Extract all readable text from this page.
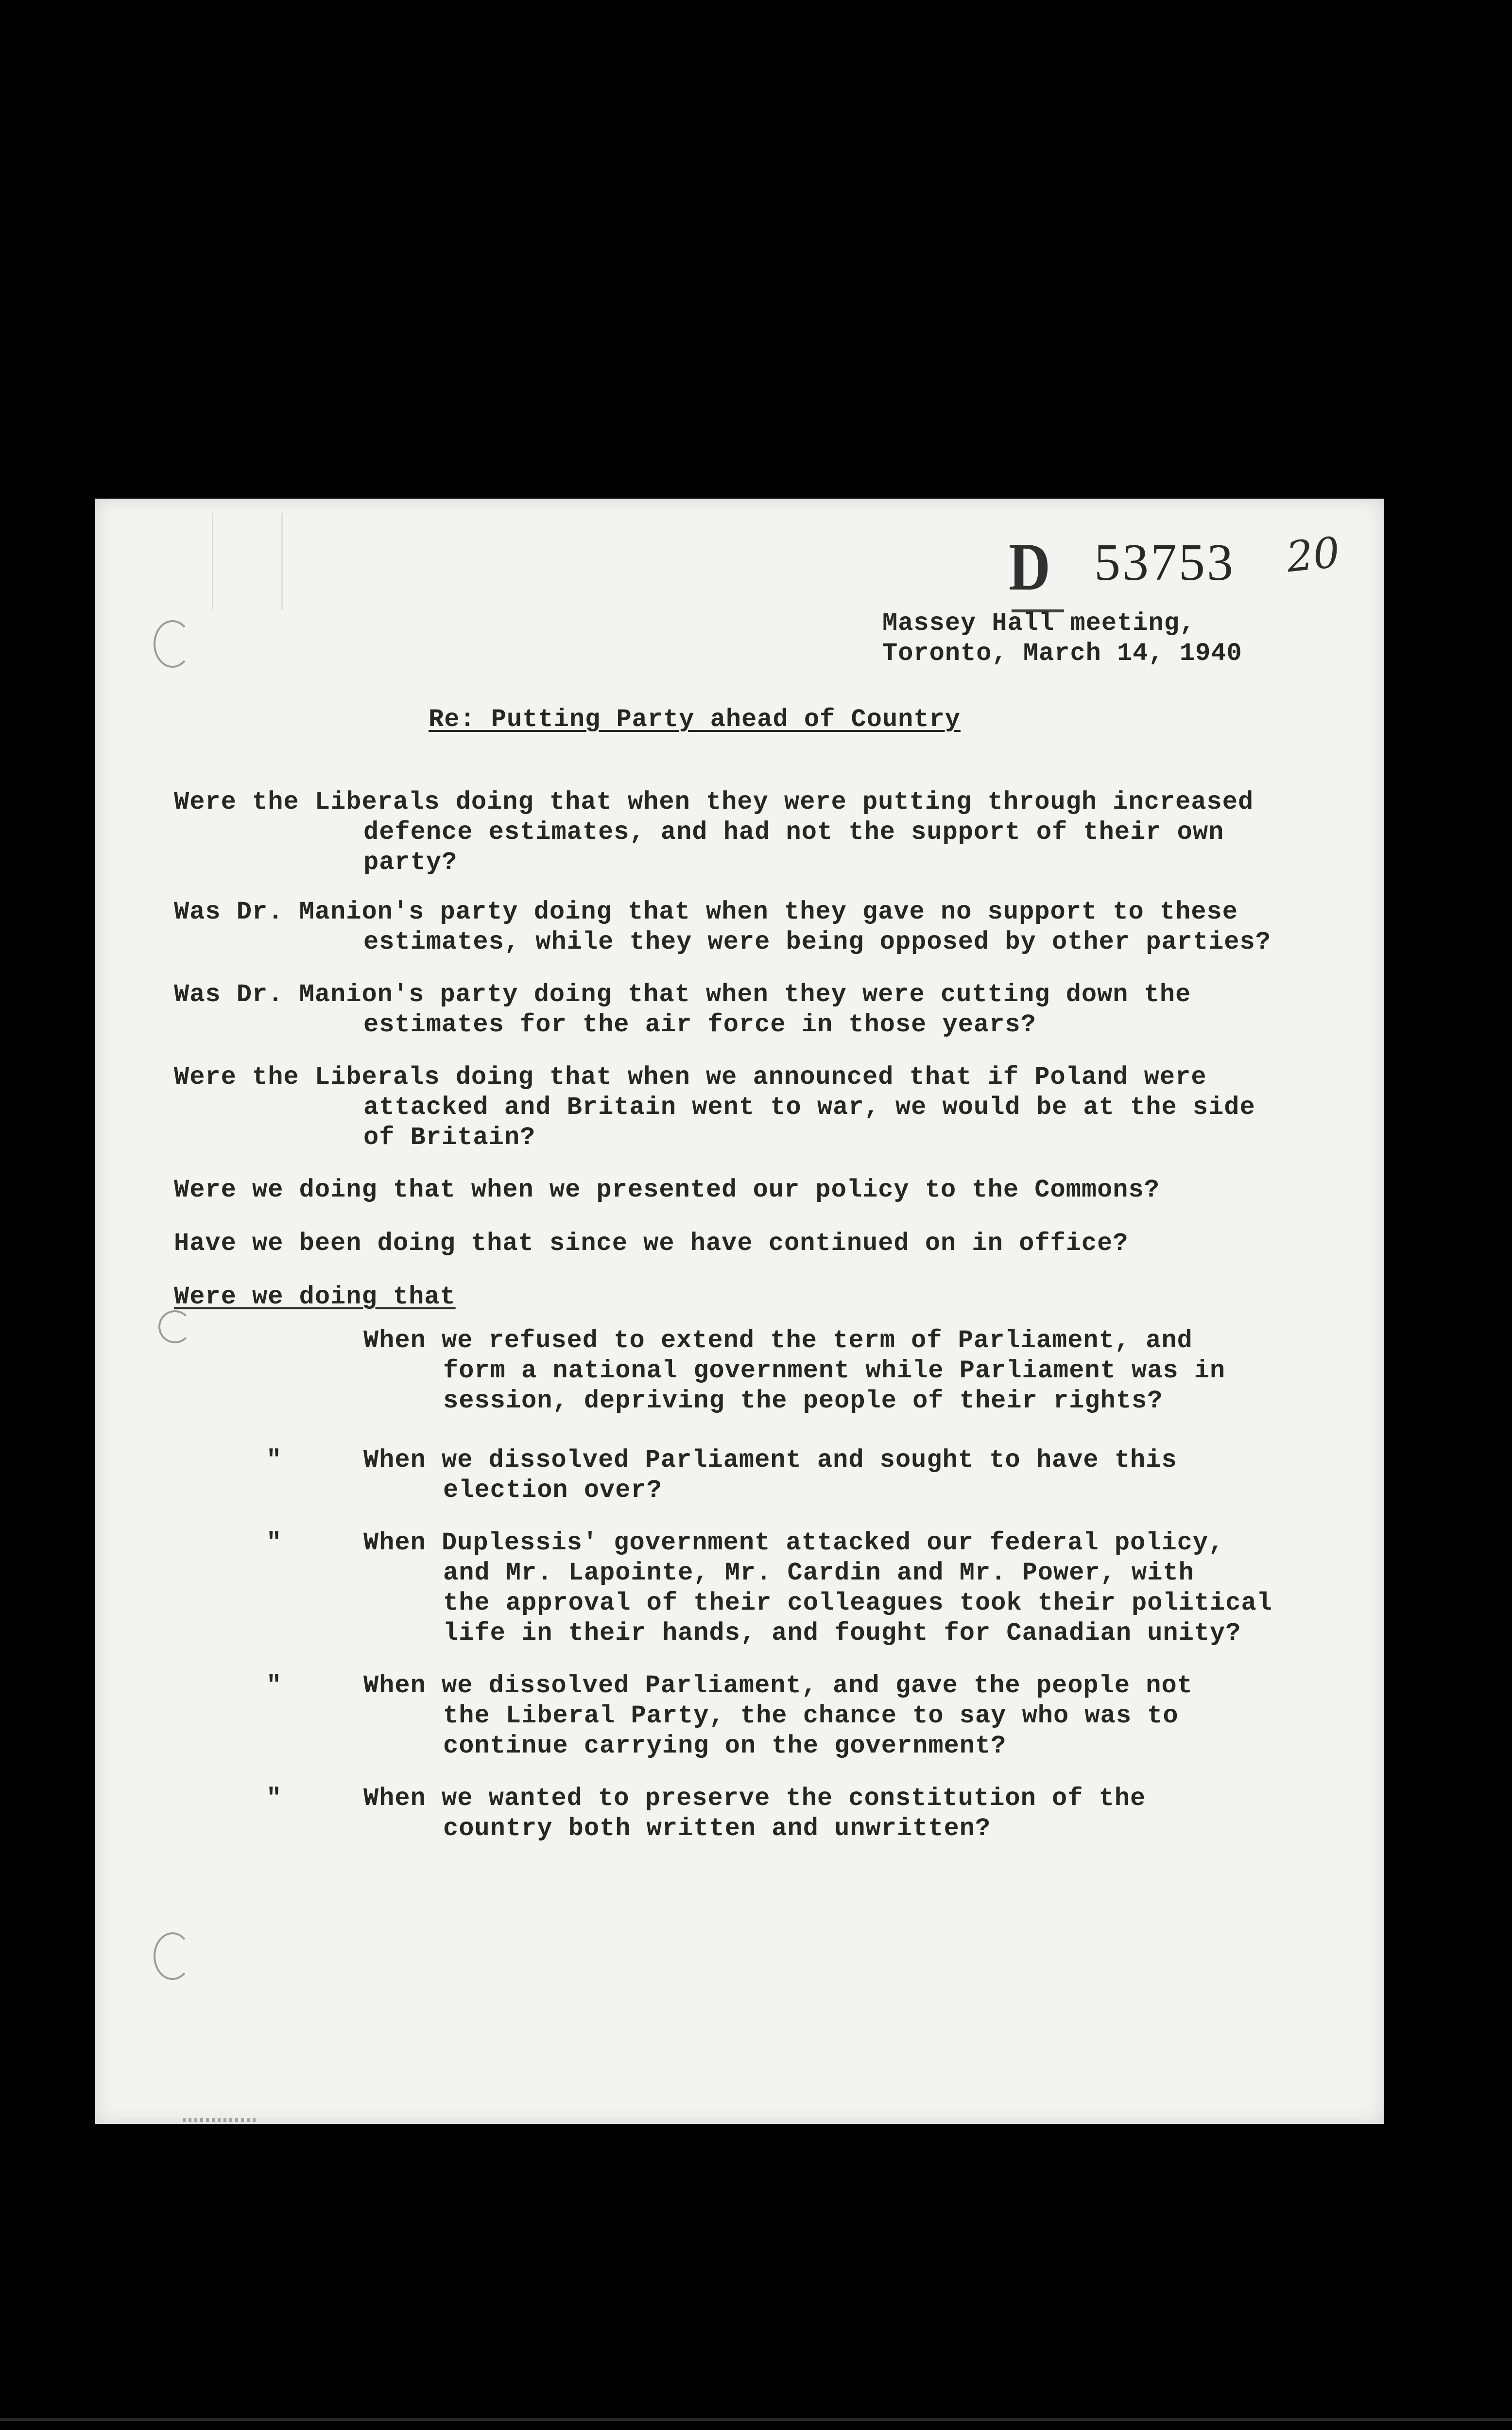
D 53753 20
Massey Hall meeting,
Toronto, March 14, 1940
Re: Putting Party ahead of Country
Were the Liberals doing that when they were putting through increased
defence estimates, and had not the support of their own
party?
Was Dr. Manion's party doing that when they gave no support to these
estimates, while they were being opposed by other parties?
Was Dr. Manion's party doing that when they were cutting down the
estimates for the air force in those years?
Were the Liberals doing that when we announced that if Poland were
attacked and Britain went to war, we would be at the side
of Britain?
Were we doing that when we presented our policy to the Commons?
Have we been doing that since we have continued on in office?
Were we doing that
When we refused to extend the term of Parliament, and
form a national government while Parliament was in
session, depriving the people of their rights?
"	When we dissolved Parliament and sought to have this
election over?
"	When Duplessis' government attacked our federal policy,
and Mr. Lapointe, Mr. Cardin and Mr. Power, with
the approval of their colleagues took their political
life in their hands, and fought for Canadian unity?
"	When we dissolved Parliament, and gave the people not
the Liberal Party, the chance to say who was to
continue carrying on the government?
"	When we wanted to preserve the constitution of the
country both written and unwritten?
